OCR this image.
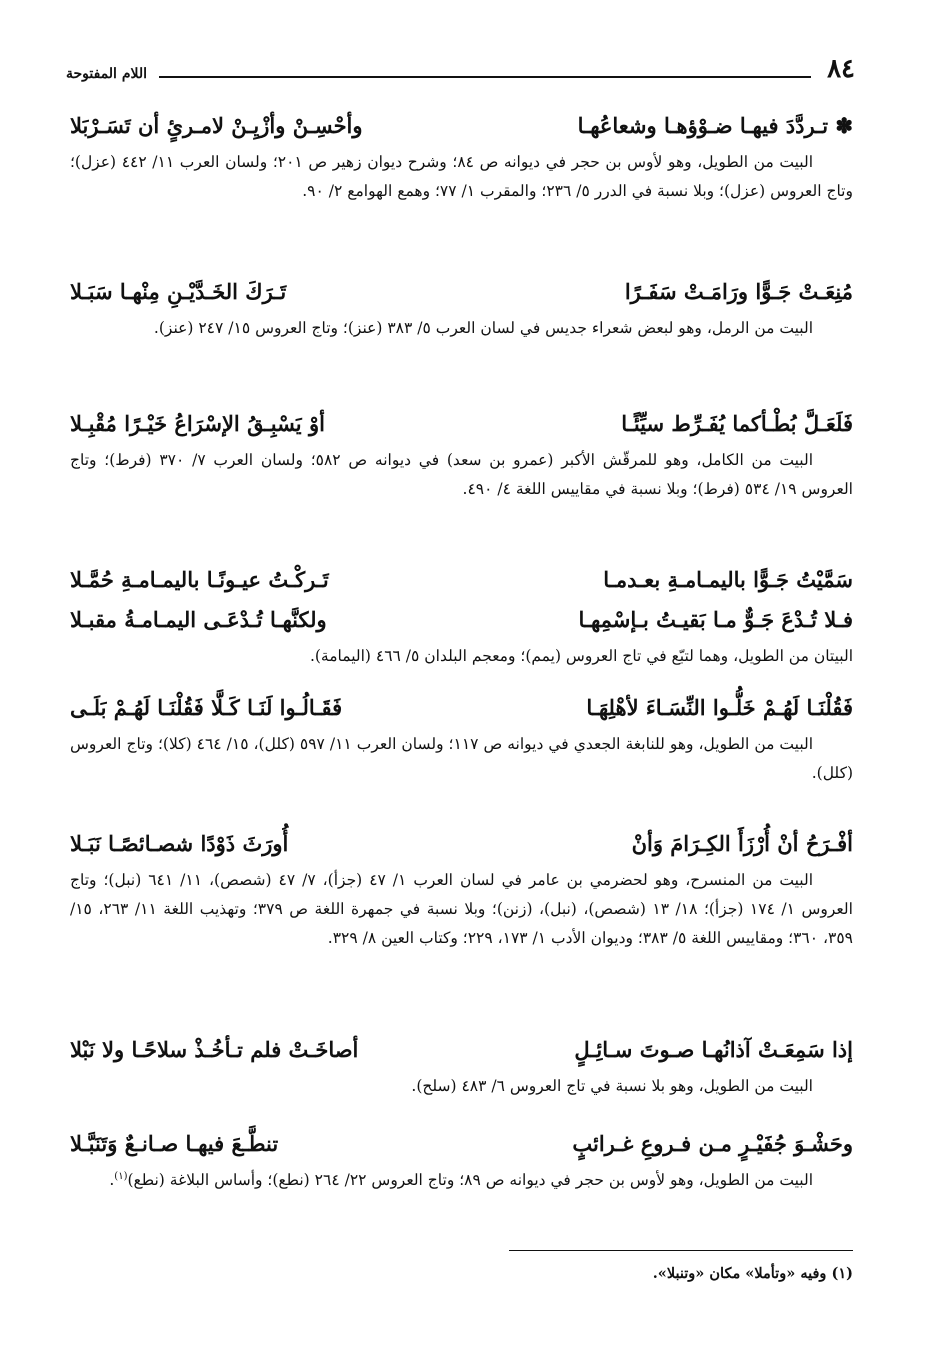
٨٤
اللام المفتوحة
✽ تـردَّدَ فيهـا ضـوْؤهـا وشعاعُهـا
وأحْسِـنْ وأزْيِـنْ لامـرئٍ أن تَسَـرْبَلا

البيت من الطويل، وهو لأوس بن حجر في ديوانه ص ٨٤؛ وشرح ديوان زهير ص ٢٠١؛ ولسان العرب ١١/ ٤٤٢ (عزل)؛ وتاج العروس (عزل)؛ وبلا نسبة في الدرر ٥/ ٢٣٦؛ والمقرب ١/ ٧٧؛ وهمع الهوامع ٢/ ٩٠.

مُنِعَـتْ جَـوًّا ورَامَـتْ سَفَـرًا
تَـرَكَ الخَـدَّيْـنِ مِنْهـا سَبَـلا

البيت من الرمل، وهو لبعض شعراء جديس في لسان العرب ٥/ ٣٨٣ (عنز)؛ وتاج العروس ١٥/ ٢٤٧ (عنز).

فَلَعَـلَّ بُطْـأكما يُفَـرِّط سيِّئًـا
أوْ يَسْبِـقُ الإسْرَاعُ خَيْـرًا مُقْبِـلا

البيت من الكامل، وهو للمرقّش الأكبر (عمرو بن سعد) في ديوانه ص ٥٨٢؛ ولسان العرب ٧/ ٣٧٠ (فرط)؛ وتاج العروس ١٩/ ٥٣٤ (فرط)؛ وبلا نسبة في مقاييس اللغة ٤/ ٤٩٠.

سَمَّيْتُ جَـوًّا باليمـامـةِ بعـدمـا
تَـركْـتُ عيـونًـا باليمـامـةِ حُمَّـلا
فـلا تُـدْعَ جَـوٌّ مـا بَقيـتُ بـإسْمِهـا
ولكنَّهـا تُـدْعَـى اليمـامـةُ مقبـلا

البيتان من الطويل، وهما لتبّع في تاج العروس (يمم)؛ ومعجم البلدان ٥/ ٤٦٦ (اليمامة).

فَقُلْنَـا لَهُـمْ خَلُّـوا النِّسَـاءَ لأهْلِهَـا
فَقَـالُـوا لَنَـا كَـلَّا فَقُلْنَـا لَهُـمْ بَلَـى

البيت من الطويل، وهو للنابغة الجعدي في ديوانه ص ١١٧؛ ولسان العرب ١١/ ٥٩٧ (كلل)، ١٥/ ٤٦٤ (كلا)؛ وتاج العروس (كلل).

أفْـرَحُ أنْ أُرْزَأَ الكِـرَامَ وَأنْ
أُورَثَ ذَوْدًا شصـائصًـا نَبَـلا

البيت من المنسرح، وهو لحضرمي بن عامر في لسان العرب ١/ ٤٧ (جزأ)، ٧/ ٤٧ (شصص)، ١١/ ٦٤١ (نبل)؛ وتاج العروس ١/ ١٧٤ (جزأ)؛ ١٨/ ١٣ (شصص)، (نبل)، (زنن)؛ وبلا نسبة في جمهرة اللغة ص ٣٧٩؛ وتهذيب اللغة ١١/ ٢٦٣، ١٥/ ٣٥٩، ٣٦٠؛ ومقاييس اللغة ٥/ ٣٨٣؛ وديوان الأدب ١/ ١٧٣، ٢٢٩؛ وكتاب العين ٨/ ٣٢٩.

إذا سَمِعَـتْ آذانُهـا صـوتَ سـائِـلٍ
أصاخَـتْ فلم تـأخُـذْ سلاحًـا ولا نَبْلا

البيت من الطويل، وهو بلا نسبة في تاج العروس ٦/ ٤٨٣ (سلح).

وحَشْـوَ جُفَيْـرٍ مـن فـروعِ غـرائبٍ
تنطَّـعَ فيهـا صـانـعٌ وَتَنَبَّـلا

البيت من الطويل، وهو لأوس بن حجر في ديوانه ص ٨٩؛ وتاج العروس ٢٢/ ٢٦٤ (نطع)؛ وأساس البلاغة (نطع)$^{(١)}$.

(١) وفيه «وتأملا» مكان «وتنبلا».
